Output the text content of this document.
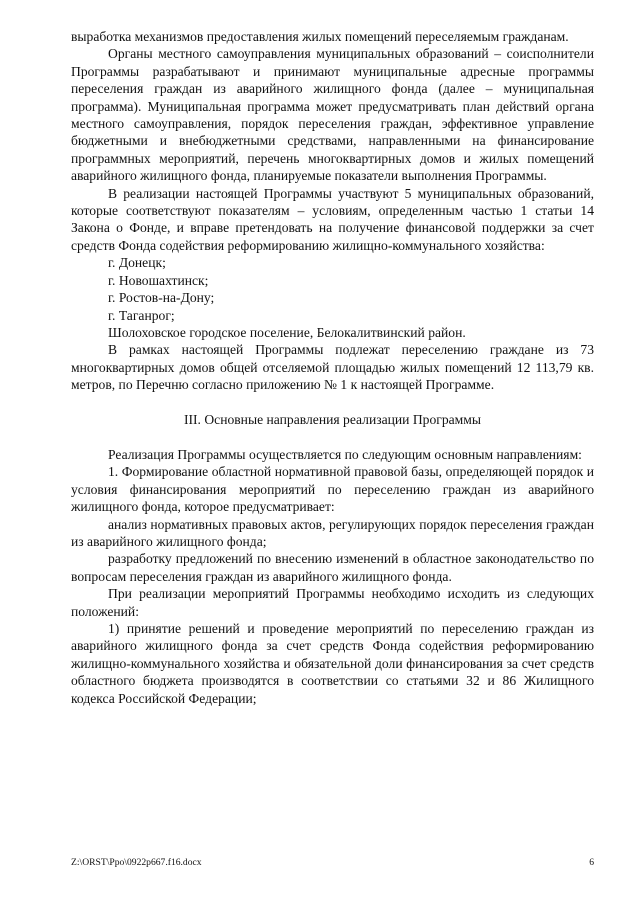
выработка механизмов предоставления жилых помещений переселяемым гражданам.

Органы местного самоуправления муниципальных образований – соисполнители Программы разрабатывают и принимают муниципальные адресные программы переселения граждан из аварийного жилищного фонда (далее – муниципальная программа). Муниципальная программа может предусматривать план действий органа местного самоуправления, порядок переселения граждан, эффективное управление бюджетными и внебюджетными средствами, направленными на финансирование программных мероприятий, перечень многоквартирных домов и жилых помещений аварийного жилищного фонда, планируемые показатели выполнения Программы.

В реализации настоящей Программы участвуют 5 муниципальных образований, которые соответствуют показателям – условиям, определенным частью 1 статьи 14 Закона о Фонде, и вправе претендовать на получение финансовой поддержки за счет средств Фонда содействия реформированию жилищно-коммунального хозяйства:

г. Донецк;

г. Новошахтинск;

г. Ростов-на-Дону;

г. Таганрог;

Шолоховское городское поселение, Белокалитвинский район.

В рамках настоящей Программы подлежат переселению граждане из 73 многоквартирных домов общей отселяемой площадью жилых помещений 12 113,79 кв. метров, по Перечню согласно приложению № 1 к настоящей Программе.

III. Основные направления реализации Программы

Реализация Программы осуществляется по следующим основным направлениям:

1. Формирование областной нормативной правовой базы, определяющей порядок и условия финансирования мероприятий по переселению граждан из аварийного жилищного фонда, которое предусматривает:

анализ нормативных правовых актов, регулирующих порядок переселения граждан из аварийного жилищного фонда;

разработку предложений по внесению изменений в областное законодательство по вопросам переселения граждан из аварийного жилищного фонда.

При реализации мероприятий Программы необходимо исходить из следующих положений:

1) принятие решений и проведение мероприятий по переселению граждан из аварийного жилищного фонда за счет средств Фонда содействия реформированию жилищно-коммунального хозяйства и обязательной доли финансирования за счет средств областного бюджета производятся в соответствии со статьями 32 и 86 Жилищного кодекса Российской Федерации;

Z:\ORST\Ppo\0922p667.f16.docx	6
